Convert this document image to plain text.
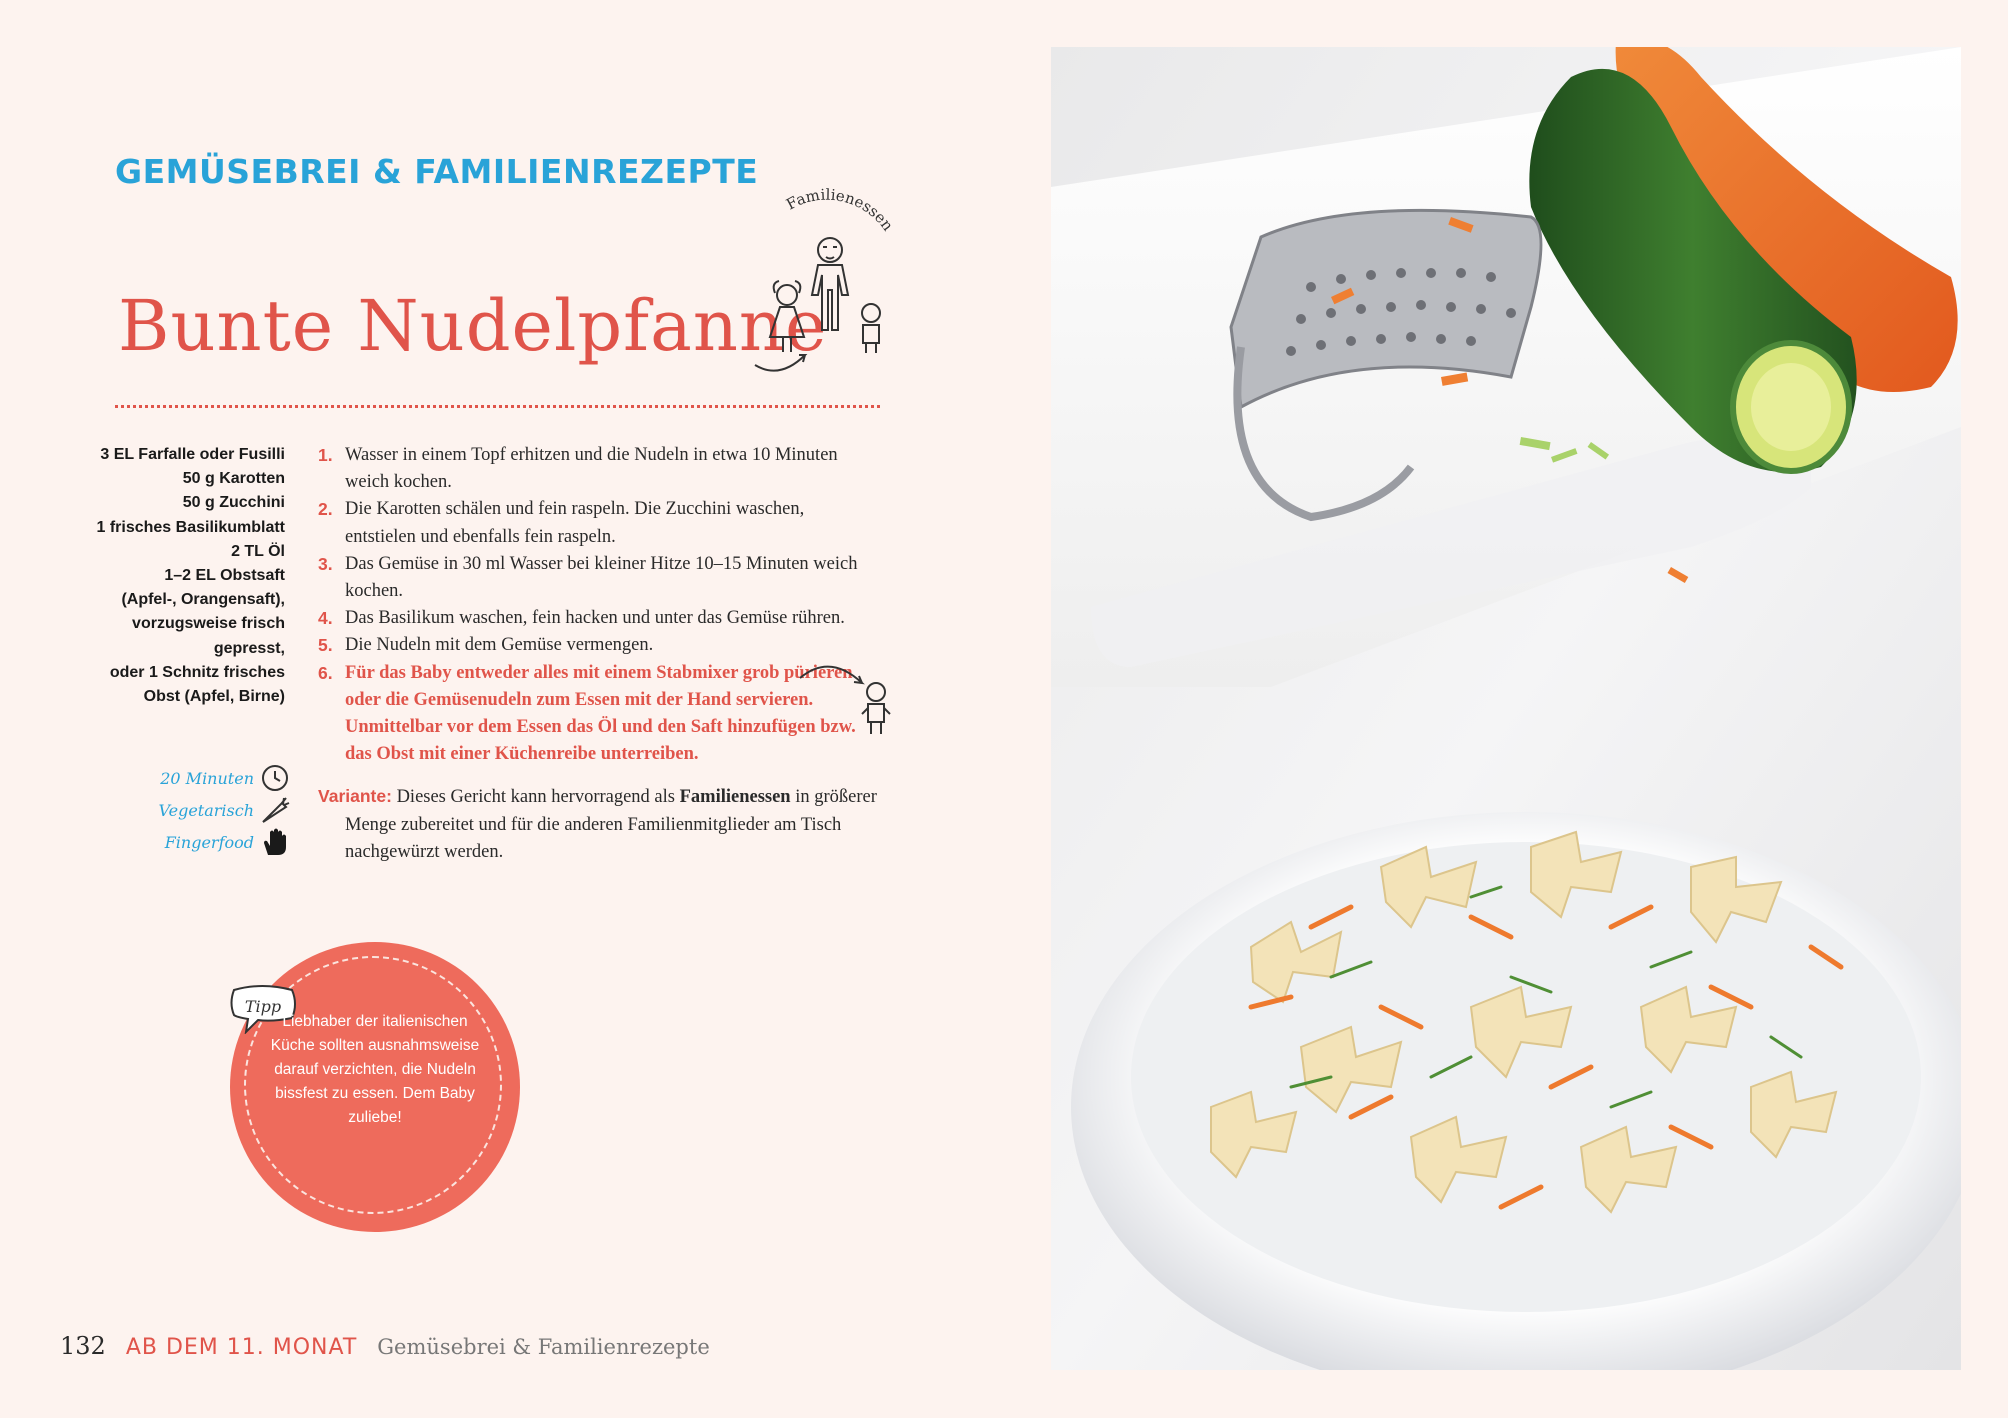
GEMÜSEBREI & FAMILIENREZEPTE
Bunte Nudelpfanne
Familienessen
3 EL Farfalle oder Fusilli
50 g Karotten
50 g Zucchini
1 frisches Basilikumblatt
2 TL Öl
1–2 EL Obstsaft
(Apfel-, Orangensaft),
vorzugsweise frisch
gepresst,
oder 1 Schnitz frisches
Obst (Apfel, Birne)
20 Minuten
Vegetarisch
Fingerfood
1. Wasser in einem Topf erhitzen und die Nudeln in etwa 10 Minuten weich kochen.
2. Die Karotten schälen und fein raspeln. Die Zucchini waschen, entstielen und ebenfalls fein raspeln.
3. Das Gemüse in 30 ml Wasser bei kleiner Hitze 10–15 Minuten weich kochen.
4. Das Basilikum waschen, fein hacken und unter das Gemüse rühren.
5. Die Nudeln mit dem Gemüse vermengen.
6. Für das Baby entweder alles mit einem Stabmixer grob pürieren oder die Gemüsenudeln zum Essen mit der Hand servieren. Unmittelbar vor dem Essen das Öl und den Saft hinzufügen bzw. das Obst mit einer Küchenreibe unterreiben.
Variante: Dieses Gericht kann hervorragend als Familienessen in größerer Menge zubereitet und für die anderen Familienmitglieder am Tisch nachgewürzt werden.
Tipp
Liebhaber der italienischen Küche sollten ausnahmsweise darauf verzichten, die Nudeln bissfest zu essen. Dem Baby zuliebe!
132 AB DEM 11. MONAT Gemüsebrei & Familienrezepte
